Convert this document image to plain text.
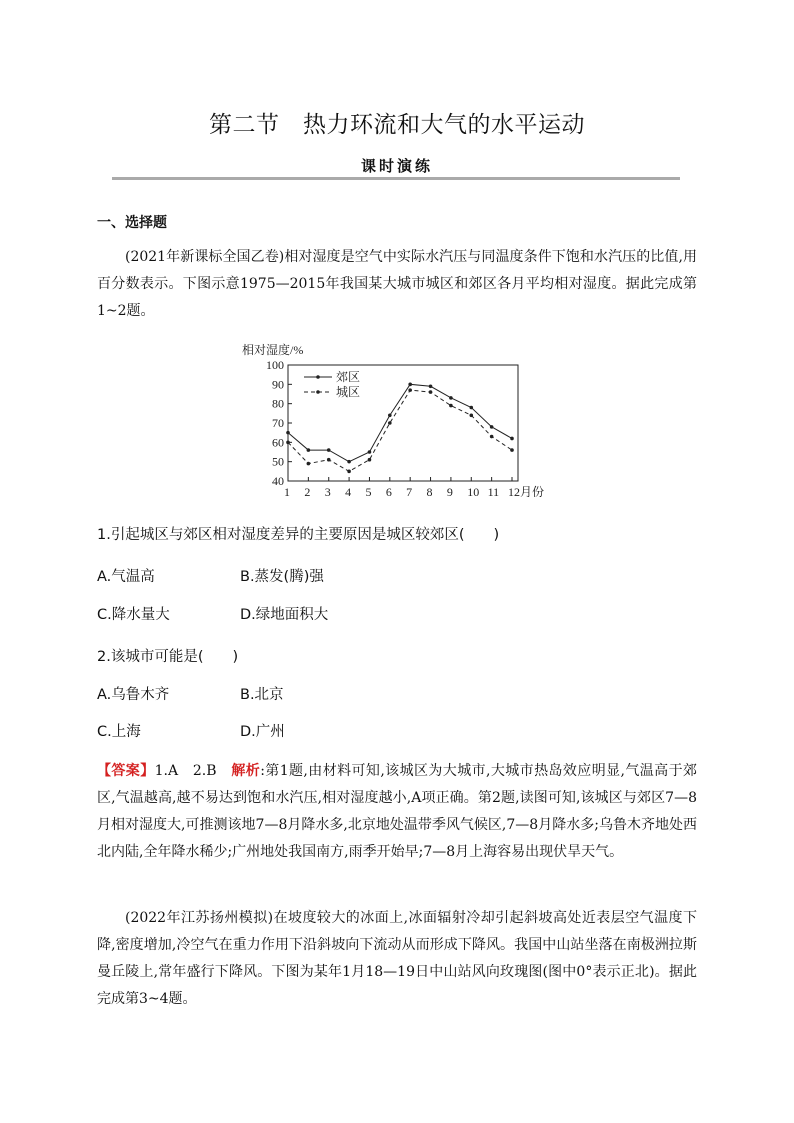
第二节　热力环流和大气的水平运动
课时演练
一、选择题
(2021年新课标全国乙卷)相对湿度是空气中实际水汽压与同温度条件下饱和水汽压的比值,用百分数表示。下图示意1975—2015年我国某大城市城区和郊区各月平均相对湿度。据此完成第1~2题。
相对湿度/%
40
50
60
70
80
90
100
1 2 3 4 5 6 7 8 9 10 11 12月份
郊区
城区
1.引起城区与郊区相对湿度差异的主要原因是城区较郊区(　　)
A.气温高	B.蒸发(腾)强
C.降水量大	D.绿地面积大
2.该城市可能是(　　)
A.乌鲁木齐	B.北京
C.上海	D.广州
【答案】1.A　2.B　解析:第1题,由材料可知,该城区为大城市,大城市热岛效应明显,气温高于郊区,气温越高,越不易达到饱和水汽压,相对湿度越小,A项正确。第2题,读图可知,该城区与郊区7—8月相对湿度大,可推测该地7—8月降水多,北京地处温带季风气候区,7—8月降水多;乌鲁木齐地处西北内陆,全年降水稀少;广州地处我国南方,雨季开始早;7—8月上海容易出现伏旱天气。
(2022年江苏扬州模拟)在坡度较大的冰面上,冰面辐射冷却引起斜坡高处近表层空气温度下降,密度增加,冷空气在重力作用下沿斜坡向下流动从而形成下降风。我国中山站坐落在南极洲拉斯曼丘陵上,常年盛行下降风。下图为某年1月18—19日中山站风向玫瑰图(图中0°表示正北)。据此完成第3~4题。
